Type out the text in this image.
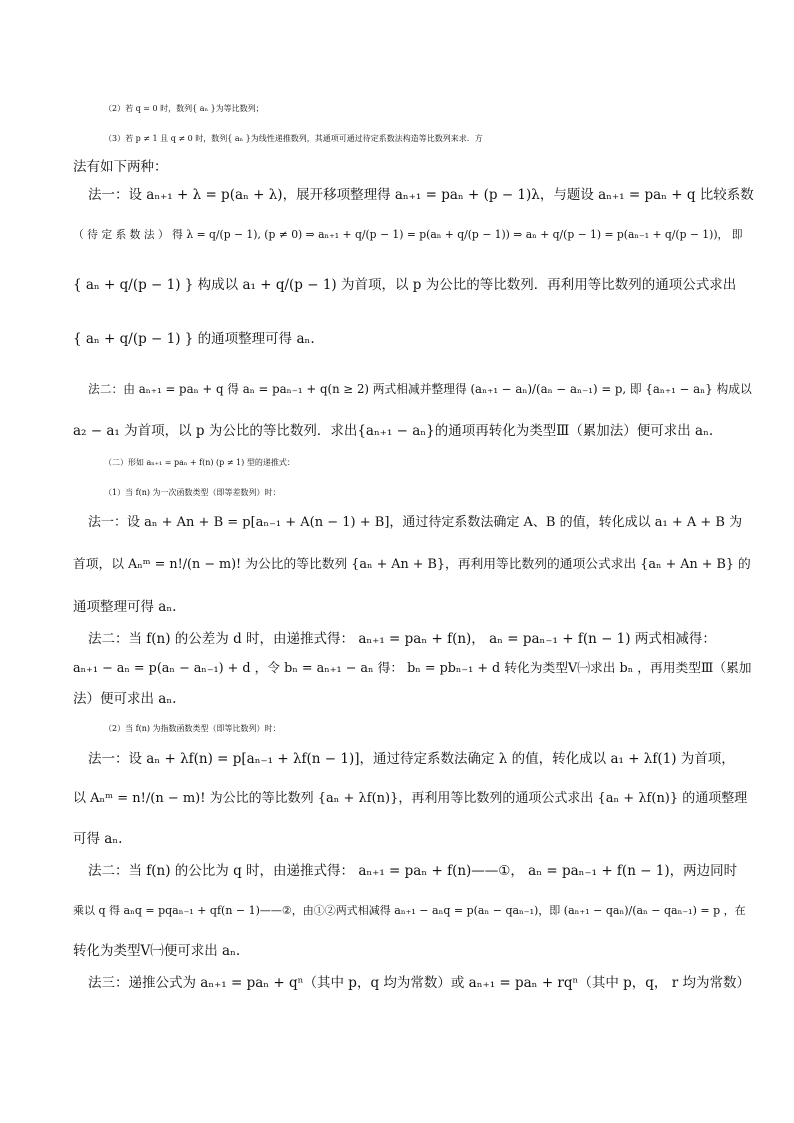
（2）若 q = 0 时，数列{ aₙ }为等比数列；
（3）若 p ≠ 1 且 q ≠ 0 时，数列{ aₙ }为线性递推数列，其通项可通过待定系数法构造等比数列来求．方
法有如下两种：
法一：设 aₙ₊₁ + λ = p(aₙ + λ)，展开移项整理得 aₙ₊₁ = paₙ + (p − 1)λ，与题设 aₙ₊₁ = paₙ + q 比较系数
（ 待 定 系 数 法 ） 得 λ = q/(p − 1), (p ≠ 0) ⇒ aₙ₊₁ + q/(p − 1) = p(aₙ + q/(p − 1)) ⇒ aₙ + q/(p − 1) = p(aₙ₋₁ + q/(p − 1))， 即
{ aₙ + q/(p − 1) } 构成以 a₁ + q/(p − 1) 为首项，以 p 为公比的等比数列．再利用等比数列的通项公式求出
{ aₙ + q/(p − 1) } 的通项整理可得 aₙ.
法二：由 aₙ₊₁ = paₙ + q 得 aₙ = paₙ₋₁ + q(n ≥ 2) 两式相减并整理得 (aₙ₊₁ − aₙ)/(aₙ − aₙ₋₁) = p, 即 {aₙ₊₁ − aₙ} 构成以
a₂ − a₁ 为首项，以 p 为公比的等比数列．求出{aₙ₊₁ − aₙ}的通项再转化为类型Ⅲ（累加法）便可求出 aₙ.
（二）形如 aₙ₊₁ = paₙ + f(n) (p ≠ 1) 型的递推式：
（1）当 f(n) 为一次函数类型（即等差数列）时：
法一：设 aₙ + An + B = p[aₙ₋₁ + A(n − 1) + B]，通过待定系数法确定 A、B 的值，转化成以 a₁ + A + B 为
首项，以 Aₙᵐ = n!/(n − m)! 为公比的等比数列 {aₙ + An + B}，再利用等比数列的通项公式求出 {aₙ + An + B} 的
通项整理可得 aₙ.
法二：当 f(n) 的公差为 d 时，由递推式得： aₙ₊₁ = paₙ + f(n)， aₙ = paₙ₋₁ + f(n − 1) 两式相减得：
aₙ₊₁ − aₙ = p(aₙ − aₙ₋₁) + d ，令 bₙ = aₙ₊₁ − aₙ 得： bₙ = pbₙ₋₁ + d 转化为类型Ⅴ㈠求出 bₙ ，再用类型Ⅲ（累加
法）便可求出 aₙ.
（2）当 f(n) 为指数函数类型（即等比数列）时：
法一：设 aₙ + λf(n) = p[aₙ₋₁ + λf(n − 1)]，通过待定系数法确定 λ 的值，转化成以 a₁ + λf(1) 为首项，
以 Aₙᵐ = n!/(n − m)! 为公比的等比数列 {aₙ + λf(n)}，再利用等比数列的通项公式求出 {aₙ + λf(n)} 的通项整理
可得 aₙ.
法二：当 f(n) 的公比为 q 时，由递推式得： aₙ₊₁ = paₙ + f(n)——①， aₙ = paₙ₋₁ + f(n − 1)，两边同时
乘以 q 得 aₙq = pqaₙ₋₁ + qf(n − 1)——②，由①②两式相减得 aₙ₊₁ − aₙq = p(aₙ − qaₙ₋₁)，即 (aₙ₊₁ − qaₙ)/(aₙ − qaₙ₋₁) = p ，在
转化为类型Ⅴ㈠便可求出 aₙ.
法三：递推公式为 aₙ₊₁ = paₙ + qⁿ（其中 p，q 均为常数）或 aₙ₊₁ = paₙ + rqⁿ（其中 p，q， r 均为常数）
